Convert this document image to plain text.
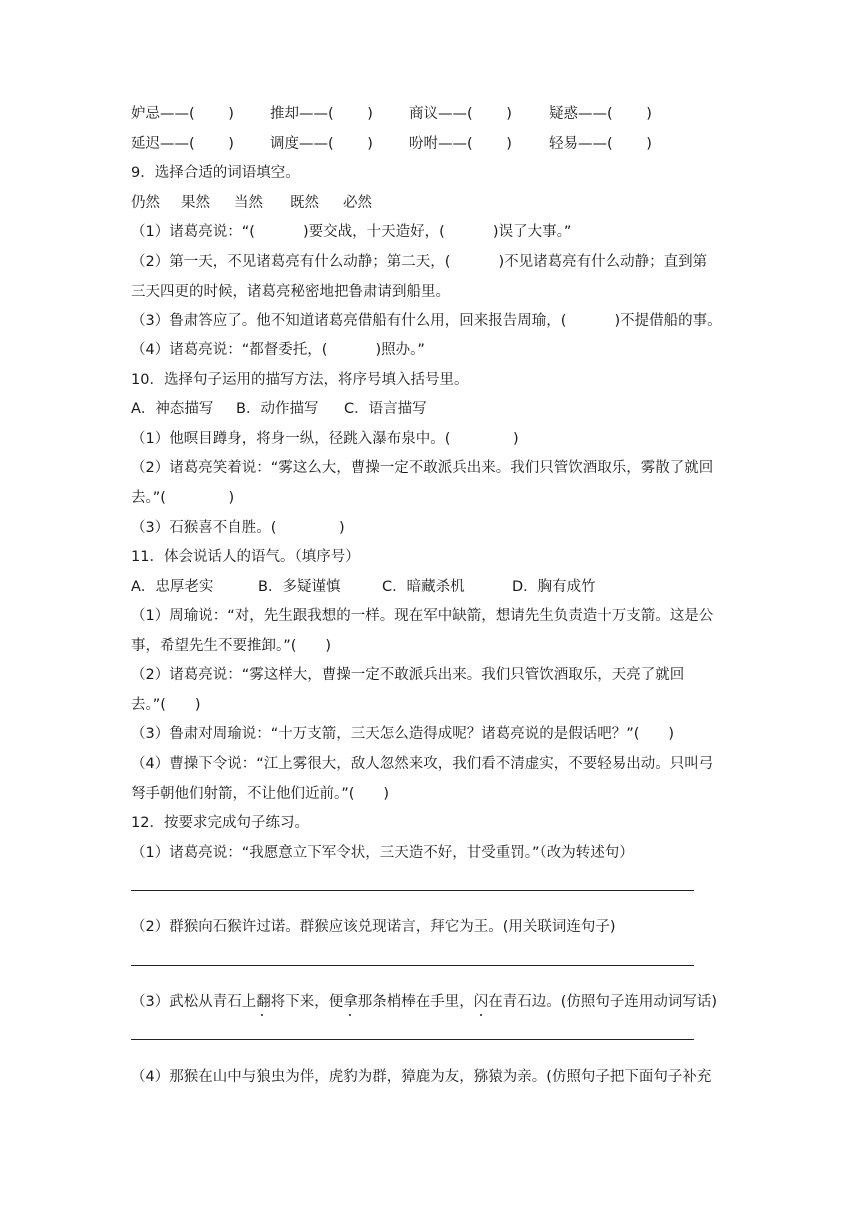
妒忌——(　　 ) 推却——(　　 ) 商议——(　　 )	疑惑——(　　 )
延迟——(　　 ) 调度——(　　 ) 吩咐——(　　 )	轻易——(　　 )
9．选择合适的词语填空。
仍然 果然 当然 既然 必然
（1）诸葛亮说：“(　　 　)要交战，十天造好，(　　 　)误了大事。”
（2）第一天，不见诸葛亮有什么动静；第二天，(　　 　)不见诸葛亮有什么动静；直到第
三天四更的时候，诸葛亮秘密地把鲁肃请到船里。
（3）鲁肃答应了。他不知道诸葛亮借船有什么用，回来报告周瑜，(　　 　)不提借船的事。
（4）诸葛亮说：“都督委托，(　　 　)照办。”
10．选择句子运用的描写方法，将序号填入括号里。
A．神态描写 B．动作描写 C．语言描写
（1）他暝目蹲身，将身一纵，径跳入瀑布泉中。(　　　 　)
（2）诸葛亮笑着说：“雾这么大，曹操一定不敢派兵出来。我们只管饮酒取乐，雾散了就回
去。”(　　　 　)
（3）石猴喜不自胜。(　　　 　)
11．体会说话人的语气。（填序号）
A．忠厚老实	B．多疑谨慎	C．暗藏杀机	D．胸有成竹
（1）周瑜说：“对，先生跟我想的一样。现在军中缺箭，想请先生负责造十万支箭。这是公
事，希望先生不要推卸。”(　　)
（2）诸葛亮说：“雾这样大，曹操一定不敢派兵出来。我们只管饮酒取乐，天亮了就回
去。”(　　)
（3）鲁肃对周瑜说：“十万支箭，三天怎么造得成呢？诸葛亮说的是假话吧？”(　　)
（4）曹操下令说：“江上雾很大，敌人忽然来攻，我们看不清虚实，不要轻易出动。只叫弓
弩手朝他们射箭，不让他们近前。”(　　)
12．按要求完成句子练习。
（1）诸葛亮说：“我愿意立下军令状，三天造不好，甘受重罚。”（改为转述句）
（2）群猴向石猴许过诺。群猴应该兑现诺言，拜它为王。(用关联词连句子)
（3）武松从青石上翻将下来，便拿那条梢棒在手里，闪在青石边。(仿照句子连用动词写话)
（4）那猴在山中与狼虫为伴，虎豹为群，獐鹿为友，猕猿为亲。(仿照句子把下面句子补充
